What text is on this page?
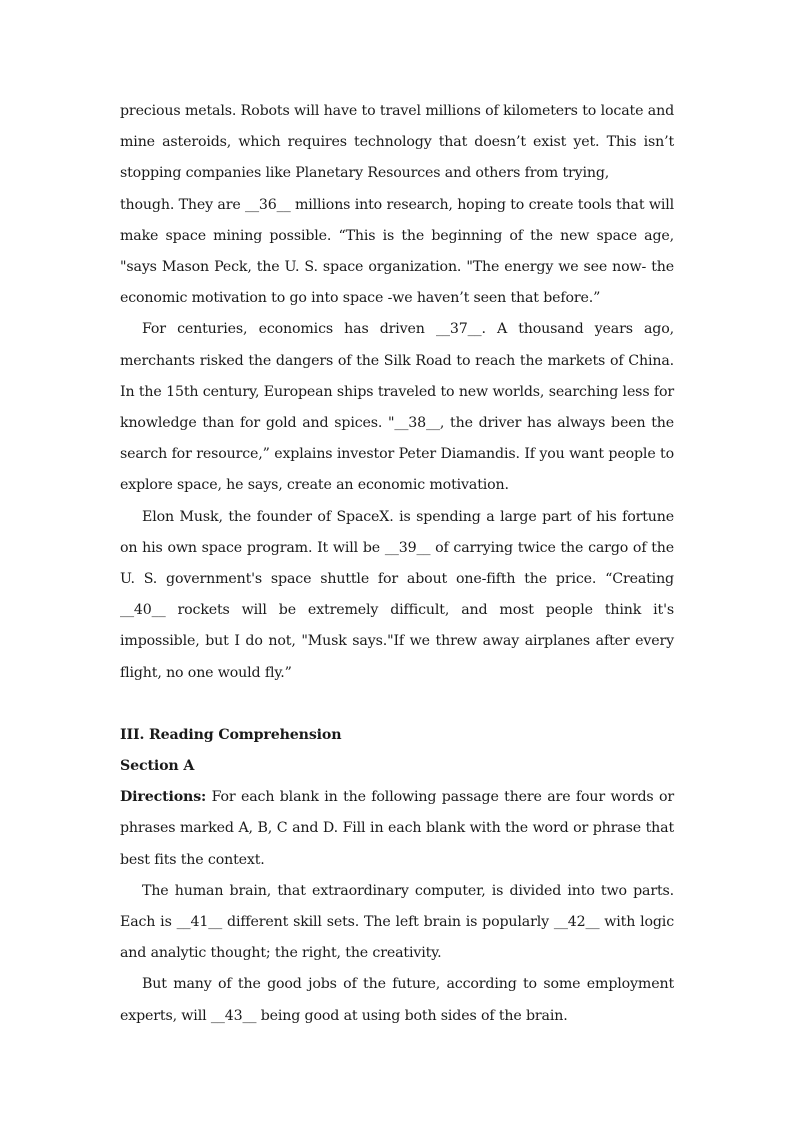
precious metals. Robots will have to travel millions of kilometers to locate and
mine asteroids, which requires technology that doesn’t exist yet. This isn’t
stopping companies like Planetary Resources and others from trying,

though. They are __36__ millions into research, hoping to create tools that will make space mining possible. “This is the beginning of the new space age, "says Mason Peck, the U. S. space organization. "The energy we see now- the economic motivation to go into space -we haven’t seen that before.”

For centuries, economics has driven __37__. A thousand years ago, merchants risked the dangers of the Silk Road to reach the markets of China. In the 15th century, European ships traveled to new worlds, searching less for knowledge than for gold and spices. "__38__, the driver has always been the search for resource,” explains investor Peter Diamandis. If you want people to explore space, he says, create an economic motivation.

Elon Musk, the founder of SpaceX. is spending a large part of his fortune on his own space program. It will be __39__ of carrying twice the cargo of the U. S. government's space shuttle for about one-fifth the price. “Creating __40__ rockets will be extremely difficult, and most people think it's impossible, but I do not, "Musk says."If we threw away airplanes after every flight, no one would fly.”

III. Reading Comprehension

Section A

Directions: For each blank in the following passage there are four words or phrases marked A, B, C and D. Fill in each blank with the word or phrase that best fits the context.

The human brain, that extraordinary computer, is divided into two parts. Each is __41__ different skill sets. The left brain is popularly __42__ with logic and analytic thought; the right, the creativity.

But many of the good jobs of the future, according to some employment experts, will __43__ being good at using both sides of the brain.
